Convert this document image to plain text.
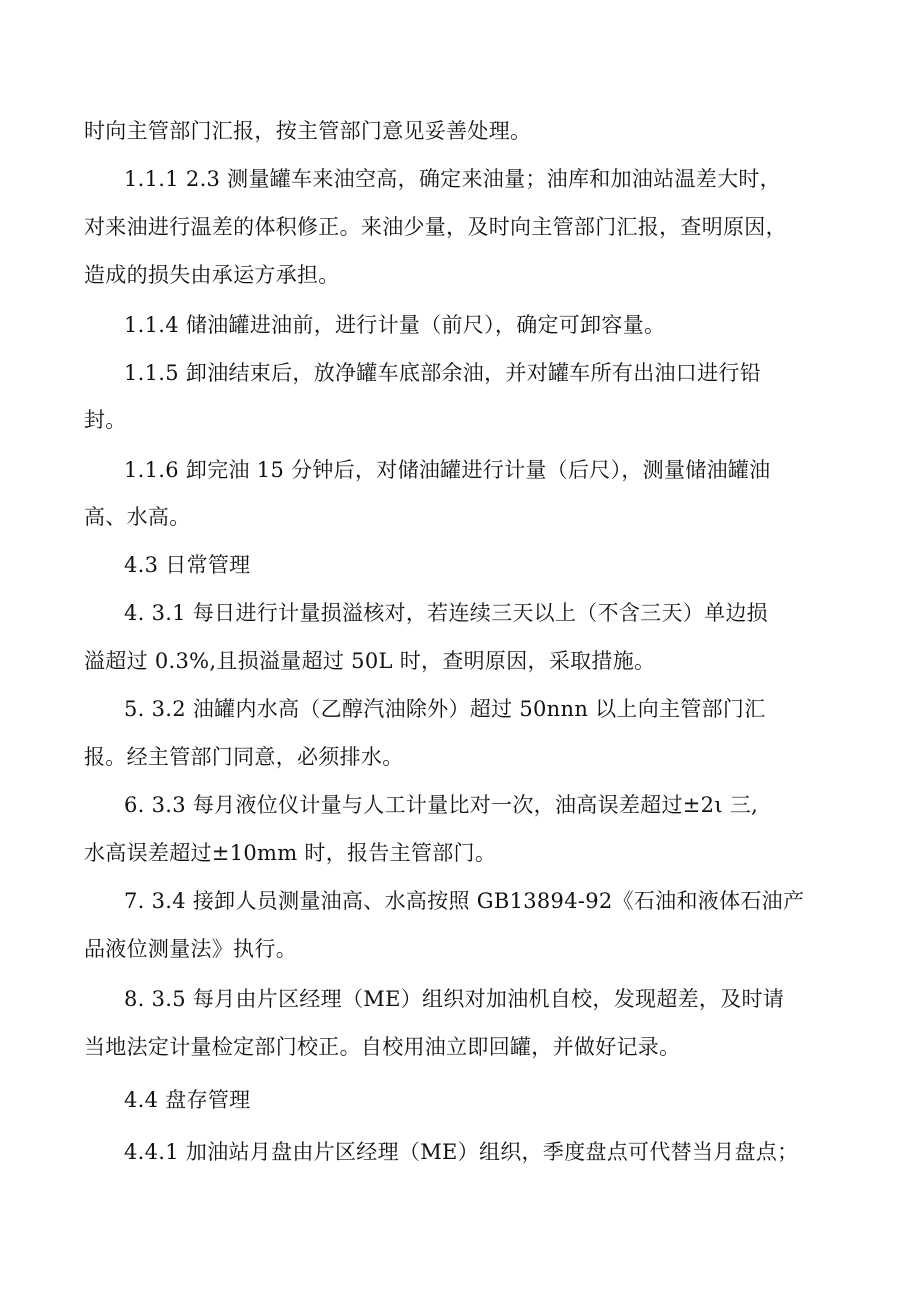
时向主管部门汇报，按主管部门意见妥善处理。
1.1.1 2.3 测量罐车来油空高，确定来油量；油库和加油站温差大时，
对来油进行温差的体积修正。来油少量，及时向主管部门汇报，查明原因，
造成的损失由承运方承担。
1.1.4 储油罐进油前，进行计量（前尺），确定可卸容量。
1.1.5 卸油结束后，放净罐车底部余油，并对罐车所有出油口进行铅
封。
1.1.6 卸完油 15 分钟后，对储油罐进行计量（后尺），测量储油罐油
高、水高。
4.3 日常管理
4. 3.1 每日进行计量损溢核对，若连续三天以上（不含三天）单边损
溢超过 0.3%,且损溢量超过 50L 时，查明原因，采取措施。
5. 3.2 油罐内水高（乙醇汽油除外）超过 50nnn 以上向主管部门汇
报。经主管部门同意，必须排水。
6. 3.3 每月液位仪计量与人工计量比对一次，油高误差超过±2ι 三,
水高误差超过±10mm 时，报告主管部门。
7. 3.4 接卸人员测量油高、水高按照 GB13894-92《石油和液体石油产
品液位测量法》执行。
8. 3.5 每月由片区经理（ME）组织对加油机自校，发现超差，及时请
当地法定计量检定部门校正。自校用油立即回罐，并做好记录。
4.4 盘存管理
4.4.1 加油站月盘由片区经理（ME）组织，季度盘点可代替当月盘点；
